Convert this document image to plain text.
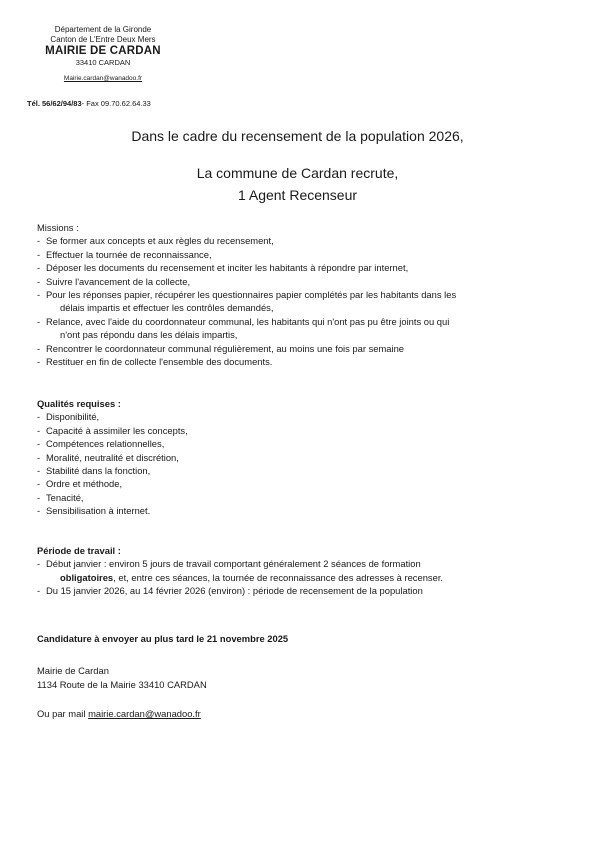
Département de la Gironde
Canton de L'Entre Deux Mers
MAIRIE DE CARDAN
33410 CARDAN
Mairie.cardan@wanadoo.fr
Tél. 56/62/94/83- Fax 09.70.62.64.33
Dans le cadre du recensement de la population 2026,
La commune de Cardan recrute,
1 Agent Recenseur
Missions :
- Se former aux concepts et aux règles du recensement,
- Effectuer la tournée de reconnaissance,
- Déposer les documents du recensement et inciter les habitants à répondre par internet,
- Suivre l'avancement de la collecte,
- Pour les réponses papier, récupérer les questionnaires papier complétés par les habitants dans les
délais impartis et effectuer les contrôles demandés,
- Relance, avec l'aide du coordonnateur communal, les habitants qui n'ont pas pu être joints ou qui
n'ont pas répondu dans les délais impartis,
- Rencontrer le coordonnateur communal régulièrement, au moins une fois par semaine
- Restituer en fin de collecte l'ensemble des documents.
Qualités requises :
- Disponibilité,
- Capacité à assimiler les concepts,
- Compétences relationnelles,
- Moralité, neutralité et discrétion,
- Stabilité dans la fonction,
- Ordre et méthode,
- Tenacité,
- Sensibilisation à internet.
Période de travail :
- Début janvier : environ 5 jours de travail comportant généralement 2 séances de formation
obligatoires, et, entre ces séances, la tournée de reconnaissance des adresses à recenser.
- Du 15 janvier 2026, au 14 février 2026 (environ) : période de recensement de la population
Candidature à envoyer au plus tard le 21 novembre 2025
Mairie de Cardan
1134 Route de la Mairie 33410 CARDAN
Ou par mail mairie.cardan@wanadoo.fr
